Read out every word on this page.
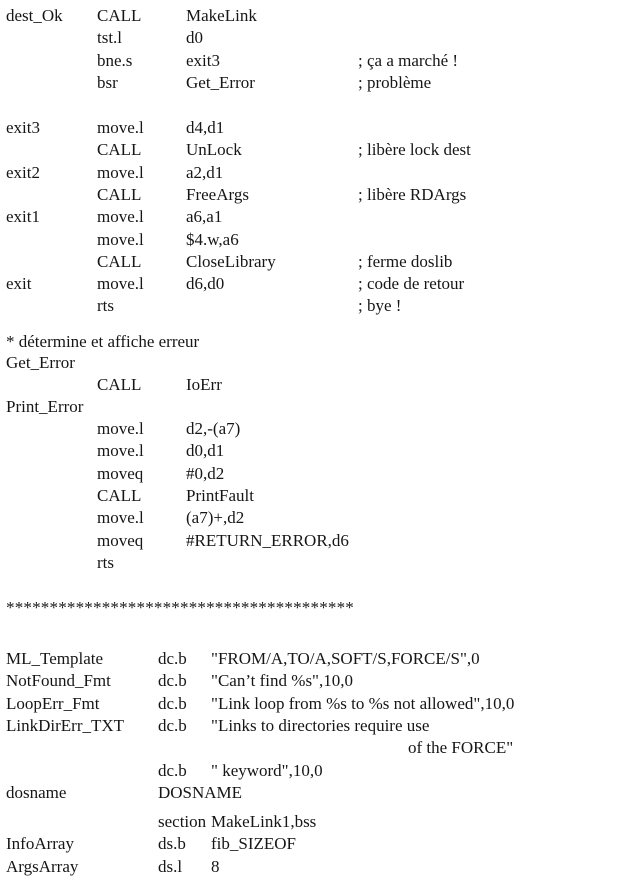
dest_Ok CALL	MakeLink
tst.l	d0
bne.s	exit3	; ça a marché !
bsr	Get_Error	; problème
exit3	move.l d4,d1
CALL	UnLock	; libère lock dest
exit2	move.l a2,d1
CALL	FreeArgs	; libère RDArgs
exit1	move.l a6,a1
move.l $4.w,a6
CALL	CloseLibrary	; ferme doslib
exit	move.l d6,d0	; code de retour
rts	; bye !
* détermine et affiche erreur
Get_Error
CALL	IoErr
Print_Error
move.l d2,-(a7)
move.l d0,d1
moveq	#0,d2
CALL	PrintFault
move.l (a7)+,d2
moveq	#RETURN_ERROR,d6
rts
****************************************
ML_Template	dc.b "FROM/A,TO/A,SOFT/S,FORCE/S",0
NotFound_Fmt	dc.b "Can’t find %s",10,0
LoopErr_Fmt	dc.b "Link loop from %s to %s not allowed",10,0
LinkDirErr_TXT dc.b "Links to directories require use
of the FORCE"
dc.b " keyword",10,0
dosname	DOSNAME
section MakeLink1,bss
InfoArray	ds.b fib_SIZEOF
ArgsArray	ds.l 8
